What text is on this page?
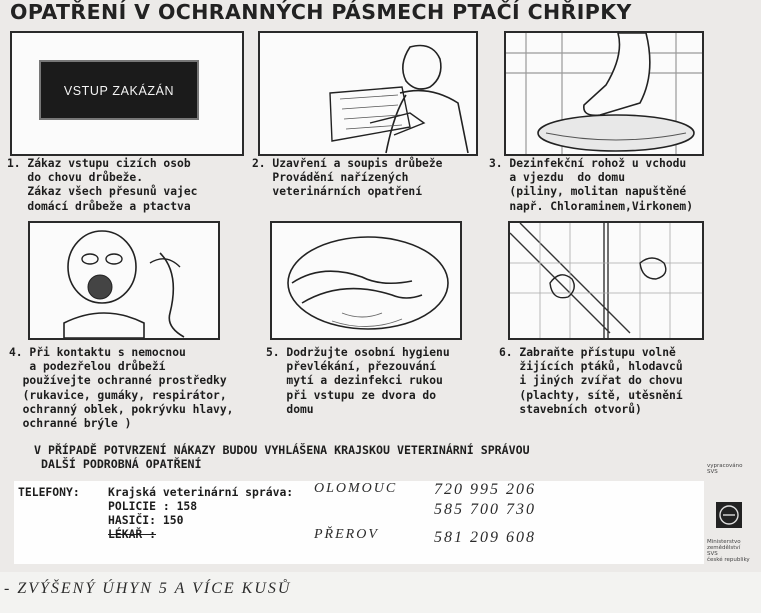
OPATŘENÍ V OCHRANNÝCH PÁSMECH PTAČÍ CHŘIPKY
VSTUP ZAKÁZÁN
1. Zákaz vstupu cizích osob
do chovu drůbeže.
Zákaz všech přesunů vajec
domácí drůbeže a ptactva
2. Uzavření a soupis drůbeže
Provádění nařízených
veterinárních opatření
3. Dezinfekční rohož u vchodu
a vjezdu  do domu
(piliny, molitan napuštěné
např. Chloraminem,Virkonem)
4. Při kontaktu s nemocnou
a podezřelou drůbeží
používejte ochranné prostředky
(rukavice, gumáky, respirátor,
ochranný oblek, pokrývku hlavy,
ochranné brýle )
5. Dodržujte osobní hygienu
převlékání, přezouvání
mytí a dezinfekci rukou
při vstupu ze dvora do
domu
6. Zabraňte přístupu volně
žijících ptáků, hlodavců
i jiných zvířat do chovu
(plachty, sítě, utěsnění
stavebních otvorů)
V PŘÍPADĚ POTVRZENÍ NÁKAZY BUDOU VYHLÁŠENA KRAJSKOU VETERINÁRNÍ SPRÁVOU
DALŠÍ PODROBNÁ OPATŘENÍ
TELEFONY: Krajská veterinární správa:
POLICIE : 158
HASIČI: 150
LÉKAŘ :
OLOMOUC 720 995 206
585 700 730
PŘEROV	581 209 608
vypracováno
SVS
Ministerstvo
zemědělství
SVS
české republiky
- ZVÝŠENÝ ÚHYN 5 A VÍCE KUSŮ
